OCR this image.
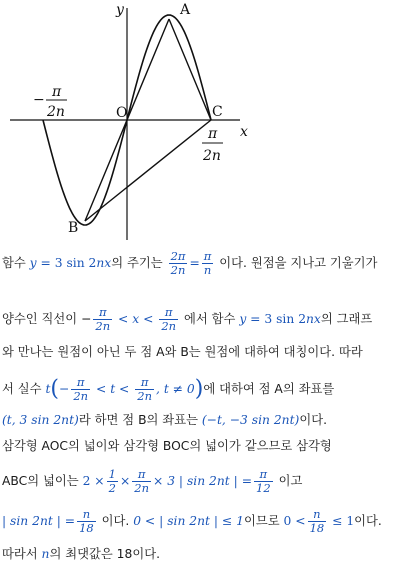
y
x
A
B
C
O
− π
2n
π
2n
함수 y = 3 sin 2nx의 주기는 $\frac{2\pi}{2n} = \frac{\pi}{n}$ 이다. 원점을 지나고 기울기가
양수인 직선이 − $\frac{\pi}{2n} < x < \frac{\pi}{2n}$ 에서 함수 y = 3 sin 2nx의 그래프
와 만나는 원점이 아닌 두 점 A와 B는 원점에 대하여 대칭이다. 따라
서 실수 $t(- \frac{\pi}{2n} < t < \frac{\pi}{2n}$ , t ≠ 0)에 대하여 점 A의 좌표를
(t, 3 sin 2nt)라 하면 점 B의 좌표는 (−t, −3 sin 2nt)이다.
삼각형 AOC의 넓이와 삼각형 BOC의 넓이가 같으므로 삼각형
ABC의 넓이는 $2 \times \frac{1}{2} \times \frac{\pi}{2n} \times 3$ | sin 2nt | = $\frac{\pi}{12}$ 이고
| sin 2nt | = $\frac{n}{18}$ 이다. 0 < | sin 2nt | ≤ 1이므로 $0 < \frac{n}{18} \le 1$이다.
따라서 n의 최댓값은 18이다.
